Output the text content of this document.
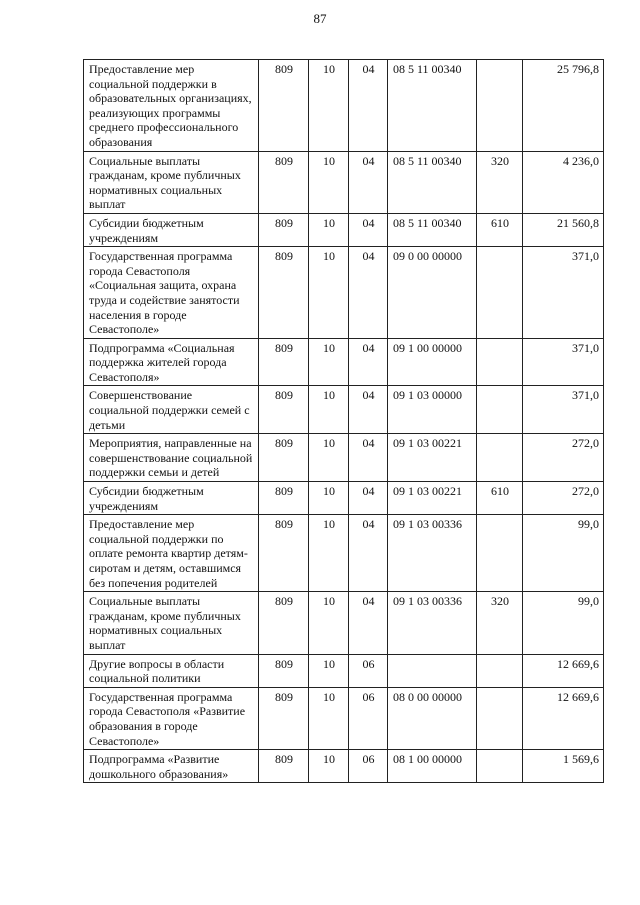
87
Предоставление мер социальной поддержки в образовательных организациях, реализующих программы среднего профессионального образования	809	10	04	08 5 11 00340		25 796,8
Социальные выплаты гражданам, кроме публичных нормативных социальных выплат	809	10	04	08 5 11 00340	320	4 236,0
Субсидии бюджетным учреждениям	809	10	04	08 5 11 00340	610	21 560,8
Государственная программа города Севастополя «Социальная защита, охрана труда и содействие занятости населения в городе Севастополе»	809	10	04	09 0 00 00000		371,0
Подпрограмма «Социальная поддержка жителей города Севастополя»	809	10	04	09 1 00 00000		371,0
Совершенствование социальной поддержки семей с детьми	809	10	04	09 1 03 00000		371,0
Мероприятия, направленные на совершенствование социальной поддержки семьи и детей	809	10	04	09 1 03 00221		272,0
Субсидии бюджетным учреждениям	809	10	04	09 1 03 00221	610	272,0
Предоставление мер социальной поддержки по оплате ремонта квартир детям-сиротам и детям, оставшимся без попечения родителей	809	10	04	09 1 03 00336		99,0
Социальные выплаты гражданам, кроме публичных нормативных социальных выплат	809	10	04	09 1 03 00336	320	99,0
Другие вопросы в области социальной политики	809	10	06			12 669,6
Государственная программа города Севастополя «Развитие образования в городе Севастополе»	809	10	06	08 0 00 00000		12 669,6
Подпрограмма «Развитие дошкольного образования»	809	10	06	08 1 00 00000		1 569,6
